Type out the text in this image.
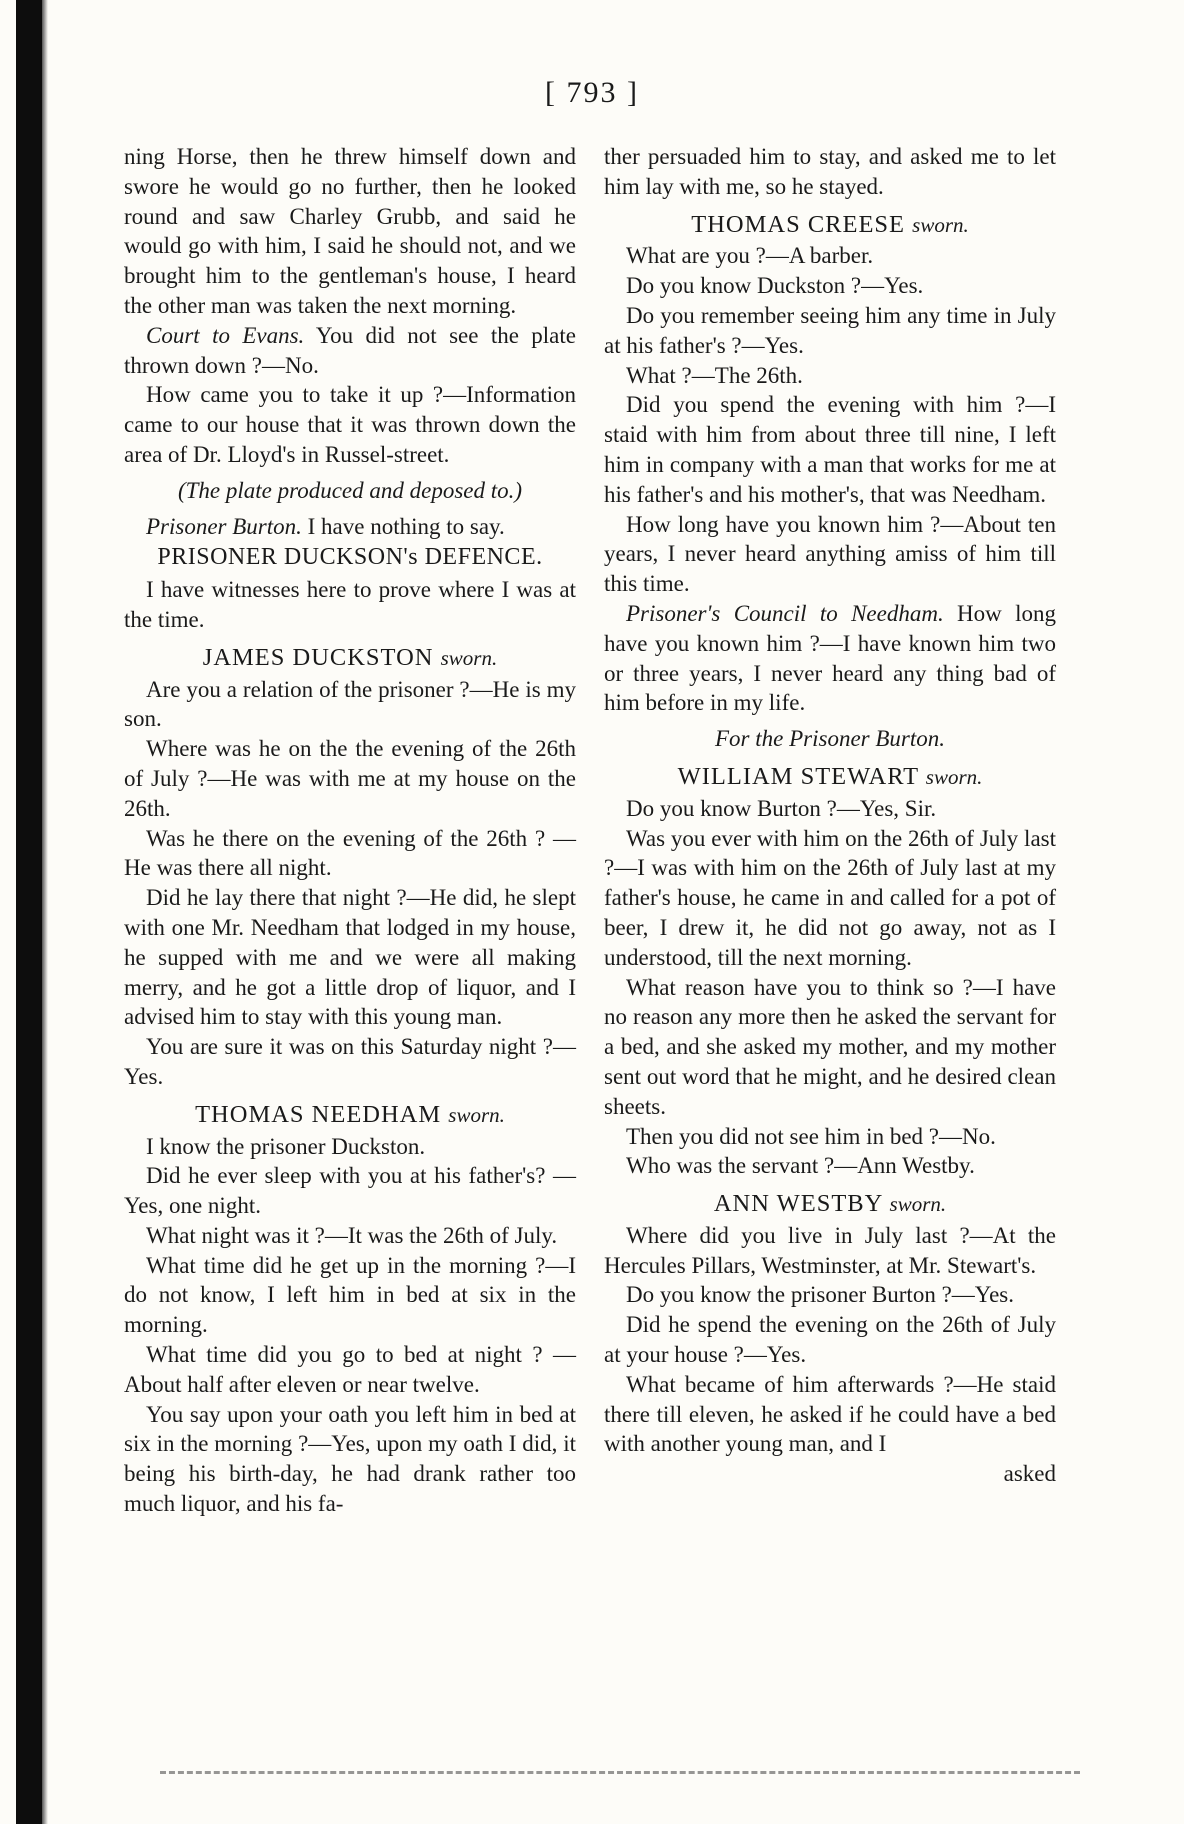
[ 793 ]

ning Horse, then he threw himself down and swore he would go no further, then he looked round and saw Charley Grubb, and said he would go with him, I said he should not, and we brought him to the gentleman's house, I heard the other man was taken the next morning.

Court to Evans. You did not see the plate thrown down ?—No.

How came you to take it up ?—Information came to our house that it was thrown down the area of Dr. Lloyd's in Russel-street.

(The plate produced and deposed to.)

Prisoner Burton. I have nothing to say.

PRISONER DUCKSON's DEFENCE.

I have witnesses here to prove where I was at the time.

JAMES DUCKSTON sworn.

Are you a relation of the prisoner ?—He is my son.

Where was he on the the evening of the 26th of July ?—He was with me at my house on the 26th.

Was he there on the evening of the 26th ? —He was there all night.

Did he lay there that night ?—He did, he slept with one Mr. Needham that lodged in my house, he supped with me and we were all making merry, and he got a little drop of liquor, and I advised him to stay with this young man.

You are sure it was on this Saturday night ?—Yes.

THOMAS NEEDHAM sworn.

I know the prisoner Duckston.

Did he ever sleep with you at his father's? —Yes, one night.

What night was it ?—It was the 26th of July.

What time did he get up in the morning ?—I do not know, I left him in bed at six in the morning.

What time did you go to bed at night ? —About half after eleven or near twelve.

You say upon your oath you left him in bed at six in the morning ?—Yes, upon my oath I did, it being his birth-day, he had drank rather too much liquor, and his fa-

ther persuaded him to stay, and asked me to let him lay with me, so he stayed.

THOMAS CREESE sworn.

What are you ?—A barber.

Do you know Duckston ?—Yes.

Do you remember seeing him any time in July at his father's ?—Yes.

What ?—The 26th.

Did you spend the evening with him ?—I staid with him from about three till nine, I left him in company with a man that works for me at his father's and his mother's, that was Needham.

How long have you known him ?—About ten years, I never heard anything amiss of him till this time.

Prisoner's Council to Needham. How long have you known him ?—I have known him two or three years, I never heard any thing bad of him before in my life.

For the Prisoner Burton.

WILLIAM STEWART sworn.

Do you know Burton ?—Yes, Sir.

Was you ever with him on the 26th of July last ?—I was with him on the 26th of July last at my father's house, he came in and called for a pot of beer, I drew it, he did not go away, not as I understood, till the next morning.

What reason have you to think so ?—I have no reason any more then he asked the servant for a bed, and she asked my mother, and my mother sent out word that he might, and he desired clean sheets.

Then you did not see him in bed ?—No.

Who was the servant ?—Ann Westby.

ANN WESTBY sworn.

Where did you live in July last ?—At the Hercules Pillars, Westminster, at Mr. Stewart's.

Do you know the prisoner Burton ?—Yes.

Did he spend the evening on the 26th of July at your house ?—Yes.

What became of him afterwards ?—He staid there till eleven, he asked if he could have a bed with another young man, and I

asked
